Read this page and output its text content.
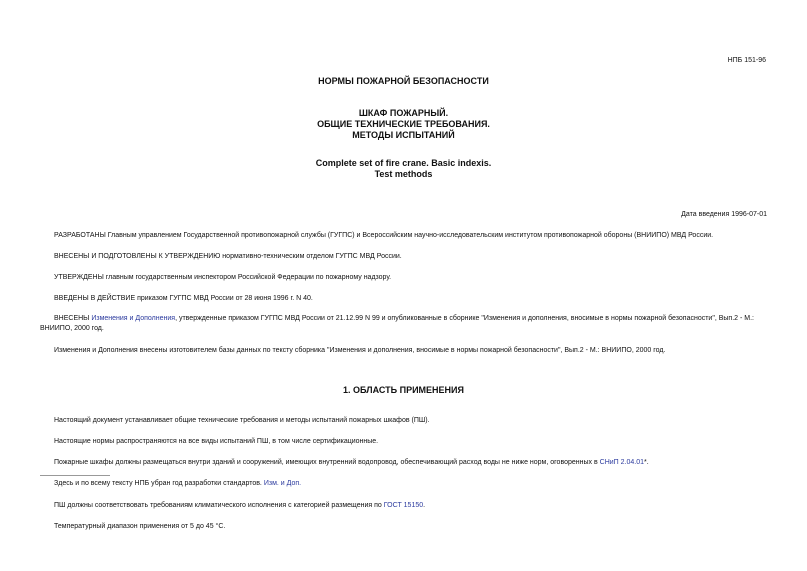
НПБ 151-96
НОРМЫ ПОЖАРНОЙ БЕЗОПАСНОСТИ
ШКАФ ПОЖАРНЫЙ.
ОБЩИЕ ТЕХНИЧЕСКИЕ ТРЕБОВАНИЯ.
МЕТОДЫ ИСПЫТАНИЙ
Complete set of fire crane. Basic indexis.
Test methods
Дата введения 1996-07-01
РАЗРАБОТАНЫ Главным управлением Государственной противопожарной службы (ГУГПС) и Всероссийским научно-исследовательским институтом противопожарной обороны (ВНИИПО) МВД России.
ВНЕСЕНЫ И ПОДГОТОВЛЕНЫ К УТВЕРЖДЕНИЮ нормативно-техническим отделом ГУГПС МВД России.
УТВЕРЖДЕНЫ главным государственным инспектором Российской Федерации по пожарному надзору.
ВВЕДЕНЫ В ДЕЙСТВИЕ приказом ГУГПС МВД России от 28 июня 1996 г. N 40.
ВНЕСЕНЫ Изменения и Дополнения, утвержденные приказом ГУГПС МВД России от 21.12.99 N 99 и опубликованные в сборнике "Изменения и дополнения, вносимые в нормы пожарной безопасности", Вып.2 - М.: ВНИИПО, 2000 год.
Изменения и Дополнения внесены изготовителем базы данных по тексту сборника "Изменения и дополнения, вносимые в нормы пожарной безопасности", Вып.2 - М.: ВНИИПО, 2000 год.
1. ОБЛАСТЬ ПРИМЕНЕНИЯ
Настоящий документ устанавливает общие технические требования и методы испытаний пожарных шкафов (ПШ).
Настоящие нормы распространяются на все виды испытаний ПШ, в том числе сертификационные.
Пожарные шкафы должны размещаться внутри зданий и сооружений, имеющих внутренний водопровод, обеспечивающий расход воды не ниже норм, оговоренных в СНиП 2.04.01*.
Здесь и по всему тексту НПБ убран год разработки стандартов. Изм. и Доп.
ПШ должны соответствовать требованиям климатического исполнения с категорией размещения по ГОСТ 15150.
Температурный диапазон применения от 5 до 45 °С.
